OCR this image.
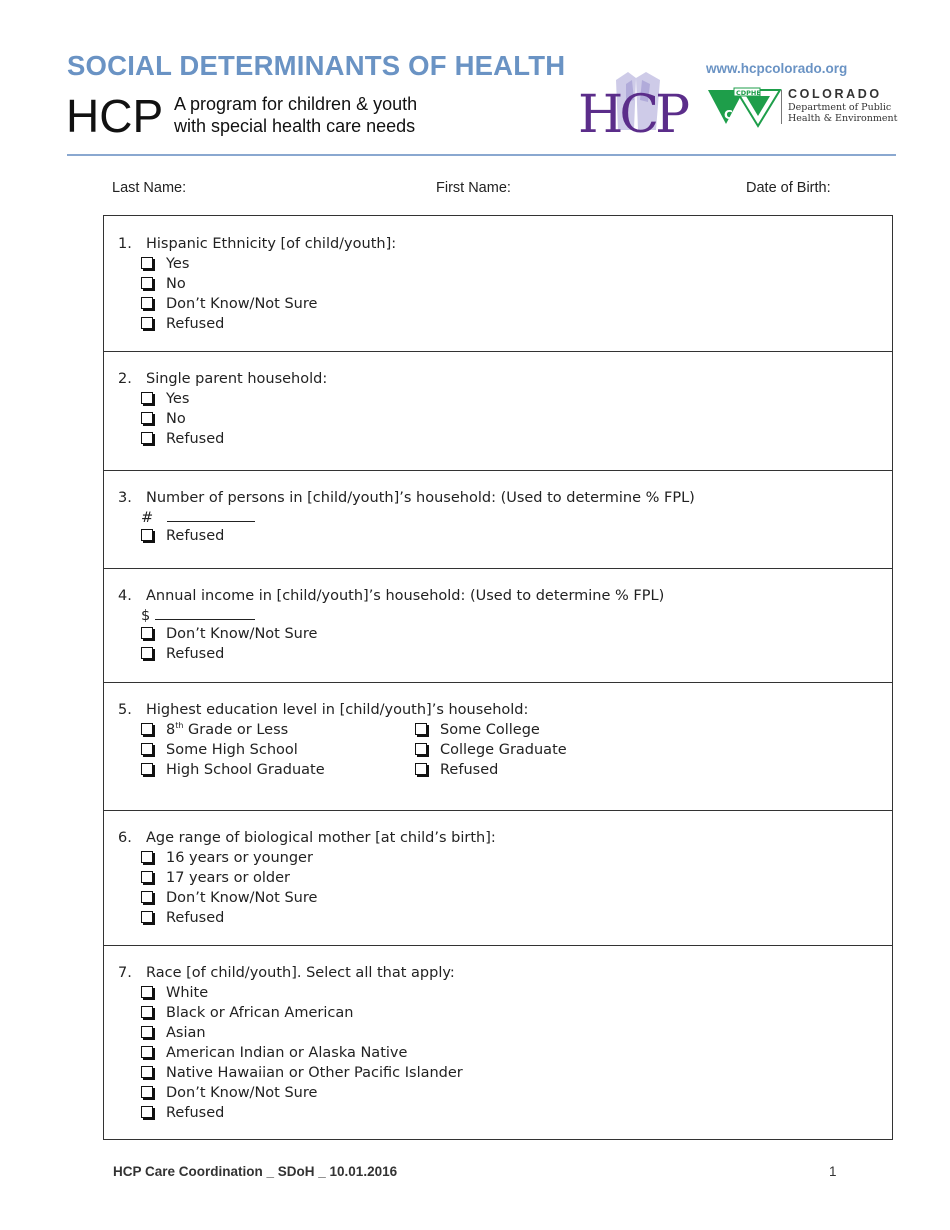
SOCIAL DETERMINANTS OF HEALTH
HCP A program for children & youth
with special health care needs
www.hcpcolorado.org
HCP	CDPHE
CO
COLORADO
Department of Public
Health & Environment
Last Name:	First Name:	Date of Birth:
1. Hispanic Ethnicity [of child/youth]:
Yes
No
Don’t Know/Not Sure
Refused
2. Single parent household:
Yes
No
Refused
3. Number of persons in [child/youth]’s household: (Used to determine % FPL)
#
Refused
4. Annual income in [child/youth]’s household: (Used to determine % FPL)
$
Don’t Know/Not Sure
Refused
5. Highest education level in [child/youth]’s household:
8th Grade or Less
Some High School
High School Graduate
Some College
College Graduate
Refused
6. Age range of biological mother [at child’s birth]:
16 years or younger
17 years or older
Don’t Know/Not Sure
Refused
7. Race [of child/youth]. Select all that apply:
White
Black or African American
Asian
American Indian or Alaska Native
Native Hawaiian or Other Pacific Islander
Don’t Know/Not Sure
Refused
HCP Care Coordination _ SDoH _ 10.01.2016	1
